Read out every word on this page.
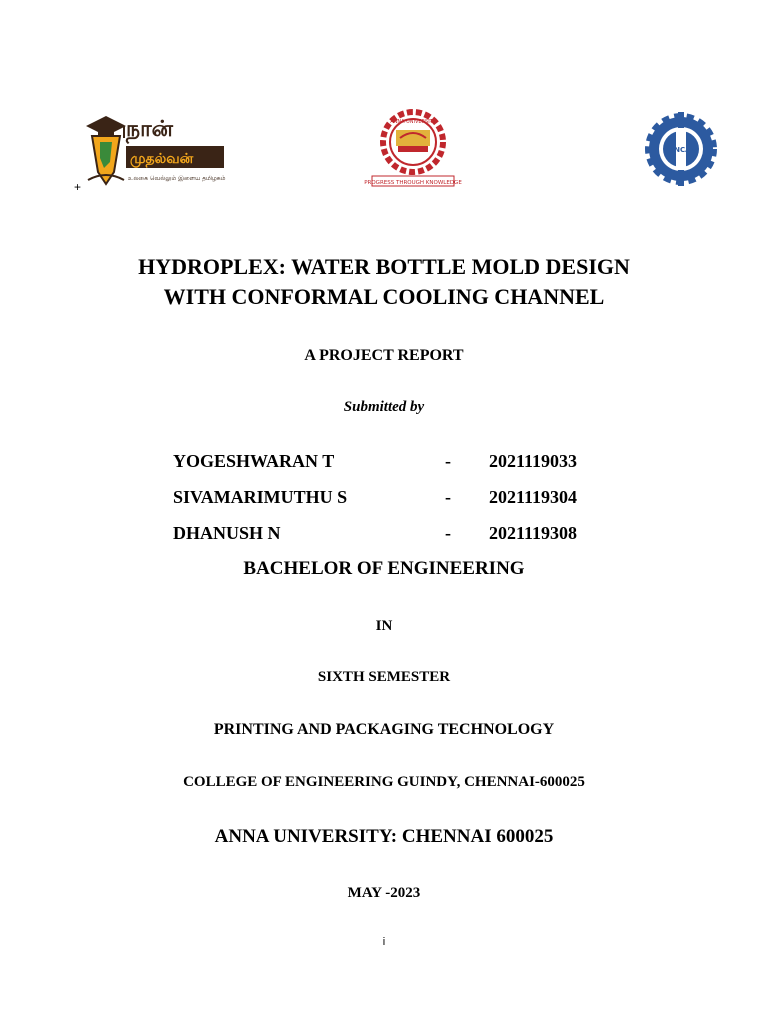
+
நான்
முதல்வன்
உலகை வெல்லும் இளைய தமிழகம்
ANNA UNIVERSITY
PROGRESS THROUGH KNOWLEDGE
TANCAM
HYDROPLEX: WATER BOTTLE MOLD DESIGN
WITH CONFORMAL COOLING CHANNEL
A PROJECT REPORT
Submitted by
YOGESHWARAN T	- 2021119033
SIVAMARIMUTHU S	- 2021119304
DHANUSH N	- 2021119308
BACHELOR OF ENGINEERING
IN
SIXTH SEMESTER
PRINTING AND PACKAGING TECHNOLOGY
COLLEGE OF ENGINEERING GUINDY, CHENNAI-600025
ANNA UNIVERSITY: CHENNAI 600025
MAY -2023
i
